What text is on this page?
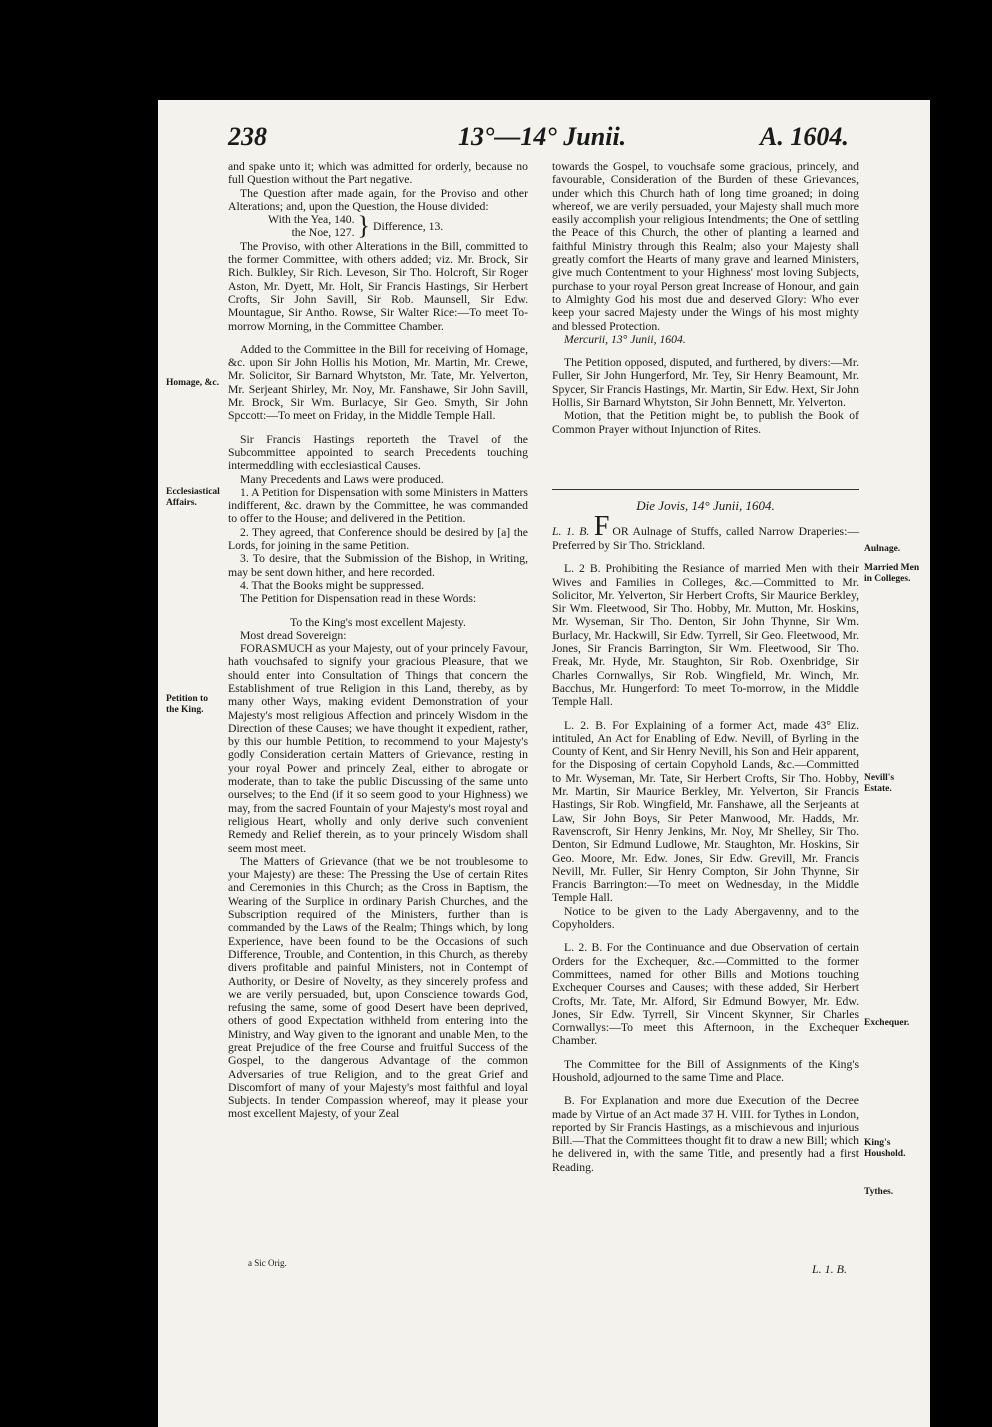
238	13°—14° Junii.	A. 1604.

and spake unto it; which was admitted for orderly, because no full Question without the Part negative.

The Question after made again, for the Proviso and other Alterations; and, upon the Question, the House divided:

With the Yea, 140.
the Noe, 127. } Difference, 13.

The Proviso, with other Alterations in the Bill, committed to the former Committee, with others added; viz. Mr. Brock, Sir Rich. Bulkley, Sir Rich. Leveson, Sir Tho. Holcroft, Sir Roger Aston, Mr. Dyett, Mr. Holt, Sir Francis Hastings, Sir Herbert Crofts, Sir John Savill, Sir Rob. Maunsell, Sir Edw. Mountague, Sir Antho. Rowse, Sir Walter Rice:—To meet To-morrow Morning, in the Committee Chamber.

Added to the Committee in the Bill for receiving of Homage, &c. upon Sir John Hollis his Motion, Mr. Martin, Mr. Crewe, Mr. Solicitor, Sir Barnard Whytston, Mr. Tate, Mr. Yelverton, Mr. Serjeant Shirley, Mr. Noy, Mr. Fanshawe, Sir John Savill, Mr. Brock, Sir Wm. Burlacye, Sir Geo. Smyth, Sir John Spccott:—To meet on Friday, in the Middle Temple Hall.

Sir Francis Hastings reporteth the Travel of the Subcommittee appointed to search Precedents touching intermeddling with ecclesiastical Causes.

Many Precedents and Laws were produced.

1. A Petition for Dispensation with some Ministers in Matters indifferent, &c. drawn by the Committee, he was commanded to offer to the House; and delivered in the Petition.

2. They agreed, that Conference should be desired by [a] the Lords, for joining in the same Petition.

3. To desire, that the Submission of the Bishop, in Writing, may be sent down hither, and here recorded.

4. That the Books might be suppressed.

The Petition for Dispensation read in these Words:

To the King's most excellent Majesty.

Most dread Sovereign:

FORASMUCH as your Majesty, out of your princely Favour, hath vouchsafed to signify your gracious Pleasure, that we should enter into Consultation of Things that concern the Establishment of true Religion in this Land, thereby, as by many other Ways, making evident Demonstration of your Majesty's most religious Affection and princely Wisdom in the Direction of these Causes; we have thought it expedient, rather, by this our humble Petition, to recommend to your Majesty's godly Consideration certain Matters of Grievance, resting in your royal Power and princely Zeal, either to abrogate or moderate, than to take the public Discussing of the same unto ourselves; to the End (if it so seem good to your Highness) we may, from the sacred Fountain of your Majesty's most royal and religious Heart, wholly and only derive such convenient Remedy and Relief therein, as to your princely Wisdom shall seem most meet.

The Matters of Grievance (that we be not troublesome to your Majesty) are these: The Pressing the Use of certain Rites and Ceremonies in this Church; as the Cross in Baptism, the Wearing of the Surplice in ordinary Parish Churches, and the Subscription required of the Ministers, further than is commanded by the Laws of the Realm; Things which, by long Experience, have been found to be the Occasions of such Difference, Trouble, and Contention, in this Church, as thereby divers profitable and painful Ministers, not in Contempt of Authority, or Desire of Novelty, as they sincerely profess and we are verily persuaded, but, upon Conscience towards God, refusing the same, some of good Desert have been deprived, others of good Expectation withheld from entering into the Ministry, and Way given to the ignorant and unable Men, to the great Prejudice of the free Course and fruitful Success of the Gospel, to the dangerous Advantage of the common Adversaries of true Religion, and to the great Grief and Discomfort of many of your Majesty's most faithful and loyal Subjects. In tender Compassion whereof, may it please your most excellent Majesty, of your Zeal

Homage, &c.
Ecclesiastical Affairs.
Petition to the King.
a Sic Orig.

towards the Gospel, to vouchsafe some gracious, princely, and favourable, Consideration of the Burden of these Grievances, under which this Church hath of long time groaned; in doing whereof, we are verily persuaded, your Majesty shall much more easily accomplish your religious Intendments; the One of settling the Peace of this Church, the other of planting a learned and faithful Ministry through this Realm; also your Majesty shall greatly comfort the Hearts of many grave and learned Ministers, give much Contentment to your Highness' most loving Subjects, purchase to your royal Person great Increase of Honour, and gain to Almighty God his most due and deserved Glory: Who ever keep your sacred Majesty under the Wings of his most mighty and blessed Protection.

Mercurii, 13° Junii, 1604.

The Petition opposed, disputed, and furthered, by divers:—Mr. Fuller, Sir John Hungerford, Mr. Tey, Sir Henry Beamount, Mr. Spycer, Sir Francis Hastings, Mr. Martin, Sir Edw. Hext, Sir John Hollis, Sir Barnard Whytston, Sir John Bennett, Mr. Yelverton.

Motion, that the Petition might be, to publish the Book of Common Prayer without Injunction of Rites.

Die Jovis, 14° Junii, 1604.

L. 1. B. F OR Aulnage of Stuffs, called Narrow Draperies:—Preferred by Sir Tho. Strickland.

L. 2 B. Prohibiting the Resiance of married Men with their Wives and Families in Colleges, &c.—Committed to Mr. Solicitor, Mr. Yelverton, Sir Herbert Crofts, Sir Maurice Berkley, Sir Wm. Fleetwood, Sir Tho. Hobby, Mr. Mutton, Mr. Hoskins, Mr. Wyseman, Sir Tho. Denton, Sir John Thynne, Sir Wm. Burlacy, Mr. Hackwill, Sir Edw. Tyrrell, Sir Geo. Fleetwood, Mr. Jones, Sir Francis Barrington, Sir Wm. Fleetwood, Sir Tho. Freak, Mr. Hyde, Mr. Staughton, Sir Rob. Oxenbridge, Sir Charles Cornwallys, Sir Rob. Wingfield, Mr. Winch, Mr. Bacchus, Mr. Hungerford: To meet To-morrow, in the Middle Temple Hall.

L. 2. B. For Explaining of a former Act, made 43° Eliz. intituled, An Act for Enabling of Edw. Nevill, of Byrling in the County of Kent, and Sir Henry Nevill, his Son and Heir apparent, for the Disposing of certain Copyhold Lands, &c.—Committed to Mr. Wyseman, Mr. Tate, Sir Herbert Crofts, Sir Tho. Hobby, Mr. Martin, Sir Maurice Berkley, Mr. Yelverton, Sir Francis Hastings, Sir Rob. Wingfield, Mr. Fanshawe, all the Serjeants at Law, Sir John Boys, Sir Peter Manwood, Mr. Hadds, Mr. Ravenscroft, Sir Henry Jenkins, Mr. Noy, Mr Shelley, Sir Tho. Denton, Sir Edmund Ludlowe, Mr. Staughton, Mr. Hoskins, Sir Geo. Moore, Mr. Edw. Jones, Sir Edw. Grevill, Mr. Francis Nevill, Mr. Fuller, Sir Henry Compton, Sir John Thynne, Sir Francis Barrington:—To meet on Wednesday, in the Middle Temple Hall.

Notice to be given to the Lady Abergavenny, and to the Copyholders.

L. 2. B. For the Continuance and due Observation of certain Orders for the Exchequer, &c.—Committed to the former Committees, named for other Bills and Motions touching Exchequer Courses and Causes; with these added, Sir Herbert Crofts, Mr. Tate, Mr. Alford, Sir Edmund Bowyer, Mr. Edw. Jones, Sir Edw. Tyrrell, Sir Vincent Skynner, Sir Charles Cornwallys:—To meet this Afternoon, in the Exchequer Chamber.

The Committee for the Bill of Assignments of the King's Houshold, adjourned to the same Time and Place.

B. For Explanation and more due Execution of the Decree made by Virtue of an Act made 37 H. VIII. for Tythes in London, reported by Sir Francis Hastings, as a mischievous and injurious Bill.—That the Committees thought fit to draw a new Bill; which he delivered in, with the same Title, and presently had a first Reading.

Aulnage.
Married Men in Colleges.
Nevill's Estate.
Exchequer.
King's Houshold.
Tythes.
L. 1. B.
